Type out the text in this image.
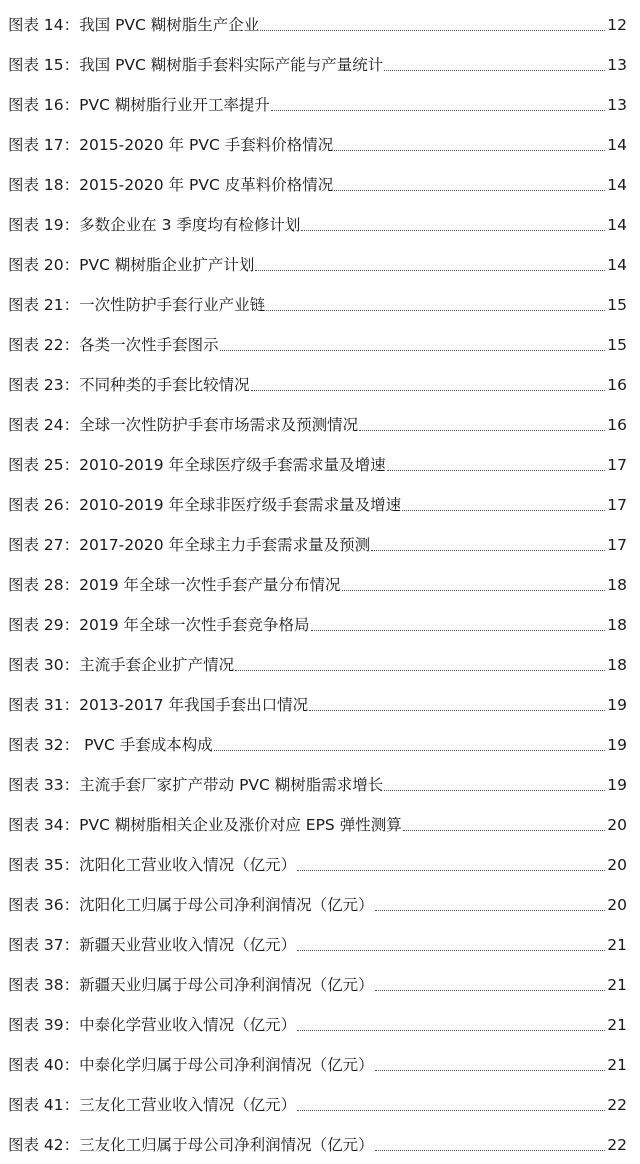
图表 14： 我国 PVC 糊树脂生产企业	12
图表 15： 我国 PVC 糊树脂手套料实际产能与产量统计	13
图表 16： PVC 糊树脂行业开工率提升	13
图表 17： 2015-2020 年 PVC 手套料价格情况	14
图表 18： 2015-2020 年 PVC 皮革料价格情况	14
图表 19： 多数企业在 3 季度均有检修计划	14
图表 20： PVC 糊树脂企业扩产计划	14
图表 21： 一次性防护手套行业产业链	15
图表 22： 各类一次性手套图示	15
图表 23： 不同种类的手套比较情况	16
图表 24： 全球一次性防护手套市场需求及预测情况	16
图表 25： 2010-2019 年全球医疗级手套需求量及增速	17
图表 26： 2010-2019 年全球非医疗级手套需求量及增速	17
图表 27： 2017-2020 年全球主力手套需求量及预测	17
图表 28： 2019 年全球一次性手套产量分布情况	18
图表 29： 2019 年全球一次性手套竞争格局	18
图表 30： 主流手套企业扩产情况	18
图表 31： 2013-2017 年我国手套出口情况	19
图表 32： PVC 手套成本构成	19
图表 33： 主流手套厂家扩产带动 PVC 糊树脂需求增长	19
图表 34： PVC 糊树脂相关企业及涨价对应 EPS 弹性测算	20
图表 35： 沈阳化工营业收入情况（亿元）	20
图表 36： 沈阳化工归属于母公司净利润情况（亿元）	20
图表 37： 新疆天业营业收入情况（亿元）	21
图表 38： 新疆天业归属于母公司净利润情况（亿元）	21
图表 39： 中泰化学营业收入情况（亿元）	21
图表 40： 中泰化学归属于母公司净利润情况（亿元）	21
图表 41： 三友化工营业收入情况（亿元）	22
图表 42： 三友化工归属于母公司净利润情况（亿元）	22
